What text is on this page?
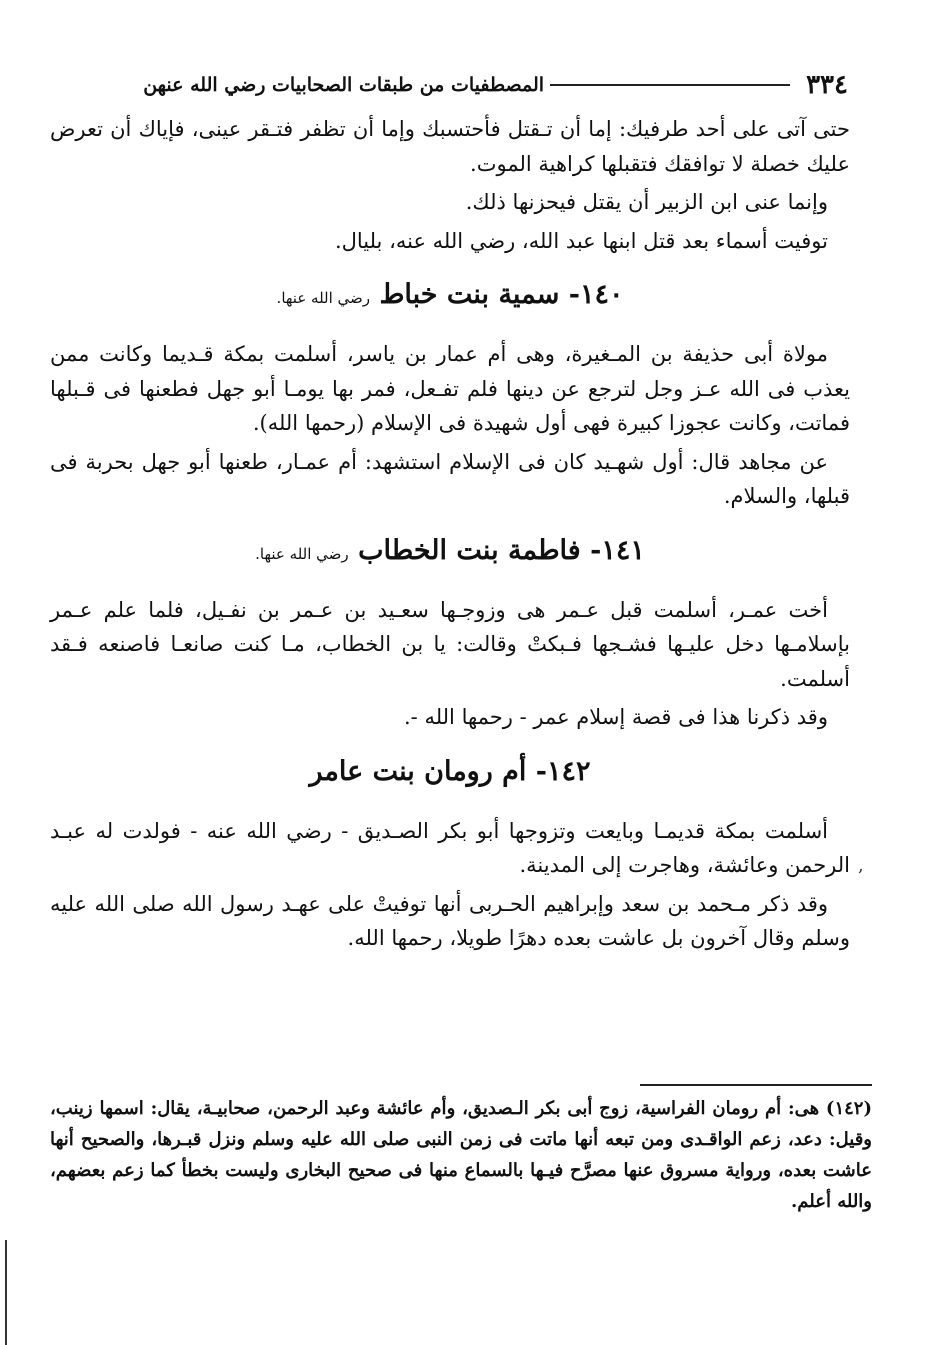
٣٣٤
المصطفيات من طبقات الصحابيات رضي الله عنهن

حتى آتى على أحد طرفيك: إما أن تـقتل فأحتسبك وإما أن تظفر فتـقر عينى، فإياك أن تعرض عليك خصلة لا توافقك فتقبلها كراهية الموت.

وإنما عنى ابن الزبير أن يقتل فيحزنها ذلك.

توفيت أسماء بعد قتل ابنها عبد الله، رضي الله عنه، بليال.

١٤٠- سمية بنت خباط رضي الله عنها.

مولاة أبى حذيفة بن المـغيرة، وهى أم عمار بن ياسر، أسلمت بمكة قـديما وكانت ممن يعذب فى الله عـز وجل لترجع عن دينها فلم تفـعل، فمر بها يومـا أبو جهل فطعنها فى قـبلها فماتت، وكانت عجوزا كبيرة فهى أول شهيدة فى الإسلام (رحمها الله).

عن مجاهد قال: أول شهـيد كان فى الإسلام استشهد: أم عمـار، طعنها أبو جهل بحربة فى قبلها، والسلام.

١٤١- فاطمة بنت الخطاب رضي الله عنها.

أخت عمـر، أسلمت قبل عـمر هى وزوجـها سعـيد بن عـمر بن نفـيل، فلما علم عـمر بإسلامـها دخل عليـها فشـجها فـبكتْ وقالت: يا بن الخطاب، مـا كنت صانعـا فاصنعه فـقد أسلمت.

وقد ذكرنا هذا فى قصة إسلام عمر - رحمها الله -.

١٤٢- أم رومان بنت عامر

أسلمت بمكة قديمـا وبايعت وتزوجها أبو بكر الصـديق - رضي الله عنه - فولدت له عبـد الرحمن وعائشة، وهاجرت إلى المدينة.

وقد ذكر مـحمد بن سعد وإبراهيم الحـربى أنها توفيتْ على عهـد رسول الله صلى الله عليه وسلم وقال آخرون بل عاشت بعده دهرًا طويلا، رحمها الله.

(١٤٢) هى: أم رومان الفراسية، زوج أبى بكر الـصديق، وأم عائشة وعبد الرحمن، صحابيـة، يقال: اسمها زينب، وقيل: دعد، زعم الواقـدى ومن تبعه أنها ماتت فى زمن النبى صلى الله عليه وسلم ونزل قبـرها، والصحيح أنها عاشت بعده، ورواية مسروق عنها مصرَّح فيـها بالسماع منها فى صحيح البخارى وليست بخطأ كما زعم بعضهم، والله أعلم.
,
